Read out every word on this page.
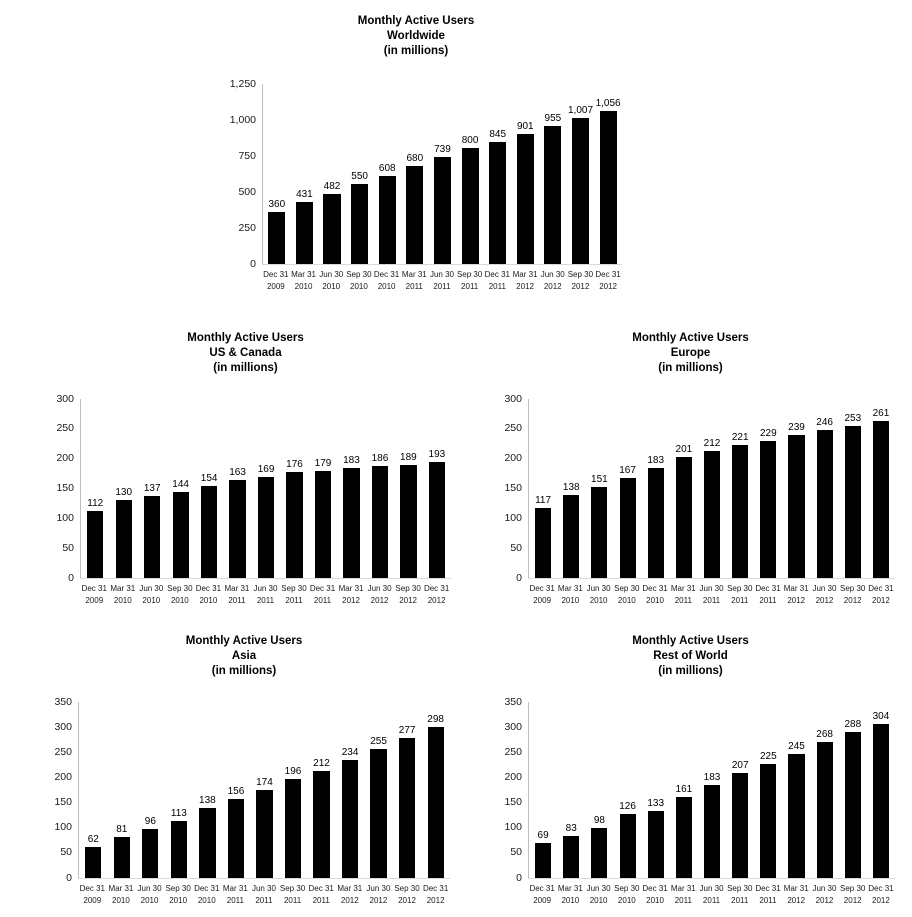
Monthly Active Users
Worldwide
(in millions)
0
250
500
750
1,000
1,250
360
431
482
550
608
680
739
800
845
901
955
1,007
1,056
Dec 31
2009
Mar 31
2010
Jun 30
2010
Sep 30
2010
Dec 31
2010
Mar 31
2011
Jun 30
2011
Sep 30
2011
Dec 31
2011
Mar 31
2012
Jun 30
2012
Sep 30
2012
Dec 31
2012
Monthly Active Users
US & Canada
(in millions)
0
50
100
150
200
250
300
112
130 137 144
154
163 169 176 179 183 186 189 193
Dec 31
2009
Mar 31
2010
Jun 30
2010
Sep 30
2010
Dec 31
2010
Mar 31
2011
Jun 30
2011
Sep 30
2011
Dec 31
2011
Mar 31
2012
Jun 30
2012
Sep 30
2012
Dec 31
2012
Monthly Active Users
Europe
(in millions)
0
50
100
150
200
250
300
117
138
151
167
183
201
212
221 229
239 246 253 261
Dec 31
2009
Mar 31
2010
Jun 30
2010
Sep 30
2010
Dec 31
2010
Mar 31
2011
Jun 30
2011
Sep 30
2011
Dec 31
2011
Mar 31
2012
Jun 30
2012
Sep 30
2012
Dec 31
2012
Monthly Active Users
Asia
(in millions)
0
50
100
150
200
250
300
350
62
81
96
113
138
156
174
196
212
234
255
277
298
Dec 31
2009
Mar 31
2010
Jun 30
2010
Sep 30
2010
Dec 31
2010
Mar 31
2011
Jun 30
2011
Sep 30
2011
Dec 31
2011
Mar 31
2012
Jun 30
2012
Sep 30
2012
Dec 31
2012
Monthly Active Users
Rest of World
(in millions)
0
50
100
150
200
250
300
350
69
83
98
126 133
161
183
207
225
245
268
288
304
Dec 31
2009
Mar 31
2010
Jun 30
2010
Sep 30
2010
Dec 31
2010
Mar 31
2011
Jun 30
2011
Sep 30
2011
Dec 31
2011
Mar 31
2012
Jun 30
2012
Sep 30
2012
Dec 31
2012
